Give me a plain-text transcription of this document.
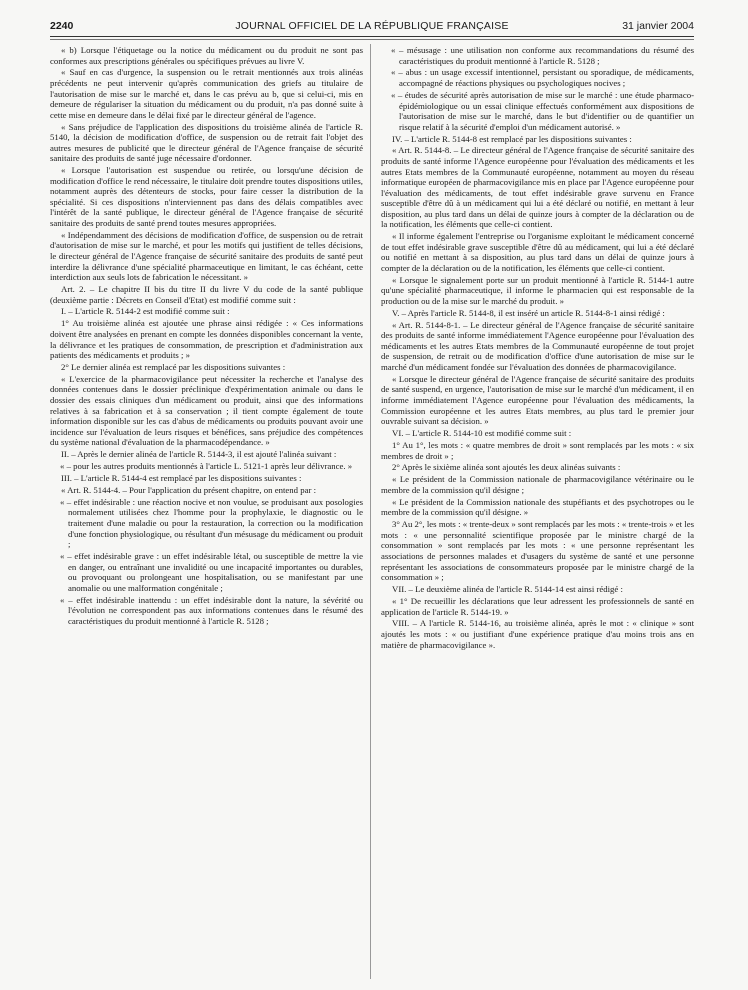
2240	JOURNAL OFFICIEL DE LA RÉPUBLIQUE FRANÇAISE	31 janvier 2004

« b) Lorsque l'étiquetage ou la notice du médicament ou du produit ne sont pas conformes aux prescriptions générales ou spécifiques prévues au livre V.

« Sauf en cas d'urgence, la suspension ou le retrait mentionnés aux trois alinéas précédents ne peut intervenir qu'après communication des griefs au titulaire de l'autorisation de mise sur le marché et, dans le cas prévu au b, que si celui-ci, mis en demeure de régulariser la situation du médicament ou du produit, n'a pas donné suite à cette mise en demeure dans le délai fixé par le directeur général de l'agence.

« Sans préjudice de l'application des dispositions du troisième alinéa de l'article R. 5140, la décision de modification d'office, de suspension ou de retrait fait l'objet des autres mesures de publicité que le directeur général de l'Agence française de sécurité sanitaire des produits de santé juge nécessaire d'ordonner.

« Lorsque l'autorisation est suspendue ou retirée, ou lorsqu'une décision de modification d'office le rend nécessaire, le titulaire doit prendre toutes dispositions utiles, notamment auprès des détenteurs de stocks, pour faire cesser la distribution de la spécialité. Si ces dispositions n'interviennent pas dans des délais compatibles avec l'intérêt de la santé publique, le directeur général de l'Agence française de sécurité sanitaire des produits de santé prend toutes mesures appropriées.

« Indépendamment des décisions de modification d'office, de suspension ou de retrait d'autorisation de mise sur le marché, et pour les motifs qui justifient de telles décisions, le directeur général de l'Agence française de sécurité sanitaire des produits de santé peut interdire la délivrance d'une spécialité pharmaceutique en limitant, le cas échéant, cette interdiction aux seuls lots de fabrication le nécessitant. »

Art. 2. – Le chapitre II bis du titre II du livre V du code de la santé publique (deuxième partie : Décrets en Conseil d'Etat) est modifié comme suit :

I. – L'article R. 5144-2 est modifié comme suit :

1° Au troisième alinéa est ajoutée une phrase ainsi rédigée : « Ces informations doivent être analysées en prenant en compte les données disponibles concernant la vente, la délivrance et les pratiques de consommation, de prescription et d'administration aux patients des médicaments et produits ; »

2° Le dernier alinéa est remplacé par les dispositions suivantes :

« L'exercice de la pharmacovigilance peut nécessiter la recherche et l'analyse des données contenues dans le dossier préclinique d'expérimentation animale ou dans le dossier des essais cliniques d'un médicament ou produit, ainsi que des informations relatives à sa fabrication et à sa conservation ; il tient compte également de toute information disponible sur les cas d'abus de médicaments ou produits pouvant avoir une incidence sur l'évaluation de leurs risques et bénéfices, sans préjudice des compétences du système national d'évaluation de la pharmacodépendance. »

II. – Après le dernier alinéa de l'article R. 5144-3, il est ajouté l'alinéa suivant :

« – pour les autres produits mentionnés à l'article L. 5121-1 après leur délivrance. »

III. – L'article R. 5144-4 est remplacé par les dispositions suivantes :

« Art. R. 5144-4. – Pour l'application du présent chapitre, on entend par :

« – effet indésirable : une réaction nocive et non voulue, se produisant aux posologies normalement utilisées chez l'homme pour la prophylaxie, le diagnostic ou le traitement d'une maladie ou pour la restauration, la correction ou la modification d'une fonction physiologique, ou résultant d'un mésusage du médicament ou produit ;

« – effet indésirable grave : un effet indésirable létal, ou susceptible de mettre la vie en danger, ou entraînant une invalidité ou une incapacité importantes ou durables, ou provoquant ou prolongeant une hospitalisation, ou se manifestant par une anomalie ou une malformation congénitale ;

« – effet indésirable inattendu : un effet indésirable dont la nature, la sévérité ou l'évolution ne correspondent pas aux informations contenues dans le résumé des caractéristiques du produit mentionné à l'article R. 5128 ;

« – mésusage : une utilisation non conforme aux recommandations du résumé des caractéristiques du produit mentionné à l'article R. 5128 ;

« – abus : un usage excessif intentionnel, persistant ou sporadique, de médicaments, accompagné de réactions physiques ou psychologiques nocives ;

« – études de sécurité après autorisation de mise sur le marché : une étude pharmaco-épidémiologique ou un essai clinique effectués conformément aux dispositions de l'autorisation de mise sur le marché, dans le but d'identifier ou de quantifier un risque relatif à la sécurité d'emploi d'un médicament autorisé. »

IV. – L'article R. 5144-8 est remplacé par les dispositions suivantes :

« Art. R. 5144-8. – Le directeur général de l'Agence française de sécurité sanitaire des produits de santé informe l'Agence européenne pour l'évaluation des médicaments et les autres Etats membres de la Communauté européenne, notamment au moyen du réseau informatique européen de pharmacovigilance mis en place par l'Agence européenne pour l'évaluation des médicaments, de tout effet indésirable grave survenu en France susceptible d'être dû à un médicament qui lui a été déclaré ou notifié, en mettant à leur disposition, au plus tard dans un délai de quinze jours à compter de la déclaration ou de la notification, les éléments que celle-ci contient.

« Il informe également l'entreprise ou l'organisme exploitant le médicament concerné de tout effet indésirable grave susceptible d'être dû au médicament, qui lui a été déclaré ou notifié en mettant à sa disposition, au plus tard dans un délai de quinze jours à compter de la déclaration ou de la notification, les éléments que celle-ci contient.

« Lorsque le signalement porte sur un produit mentionné à l'article R. 5144-1 autre qu'une spécialité pharmaceutique, il informe le pharmacien qui est responsable de la production ou de la mise sur le marché du produit. »

V. – Après l'article R. 5144-8, il est inséré un article R. 5144-8-1 ainsi rédigé :

« Art. R. 5144-8-1. – Le directeur général de l'Agence française de sécurité sanitaire des produits de santé informe immédiatement l'Agence européenne pour l'évaluation des médicaments et les autres Etats membres de la Communauté européenne de tout projet de suspension, de retrait ou de modification d'office d'une autorisation de mise sur le marché d'un médicament fondée sur l'évaluation des données de pharmacovigilance.

« Lorsque le directeur général de l'Agence française de sécurité sanitaire des produits de santé suspend, en urgence, l'autorisation de mise sur le marché d'un médicament, il en informe immédiatement l'Agence européenne pour l'évaluation des médicaments, la Commission européenne et les autres Etats membres, au plus tard le premier jour ouvrable suivant sa décision. »

VI. – L'article R. 5144-10 est modifié comme suit :

1° Au 1°, les mots : « quatre membres de droit » sont remplacés par les mots : « six membres de droit » ;

2° Après le sixième alinéa sont ajoutés les deux alinéas suivants :

« Le président de la Commission nationale de pharmacovigilance vétérinaire ou le membre de la commission qu'il désigne ;

« Le président de la Commission nationale des stupéfiants et des psychotropes ou le membre de la commission qu'il désigne. »

3° Au 2°, les mots : « trente-deux » sont remplacés par les mots : « trente-trois » et les mots : « une personnalité scientifique proposée par le ministre chargé de la consommation » sont remplacés par les mots : « une personne représentant les associations de personnes malades et d'usagers du système de santé et une personne représentant les associations de consommateurs proposée par le ministre chargé de la consommation » ;

VII. – Le deuxième alinéa de l'article R. 5144-14 est ainsi rédigé :

« 1° De recueillir les déclarations que leur adressent les professionnels de santé en application de l'article R. 5144-19. »

VIII. – A l'article R. 5144-16, au troisième alinéa, après le mot : « clinique » sont ajoutés les mots : « ou justifiant d'une expérience pratique d'au moins trois ans en matière de pharmacovigilance ».
